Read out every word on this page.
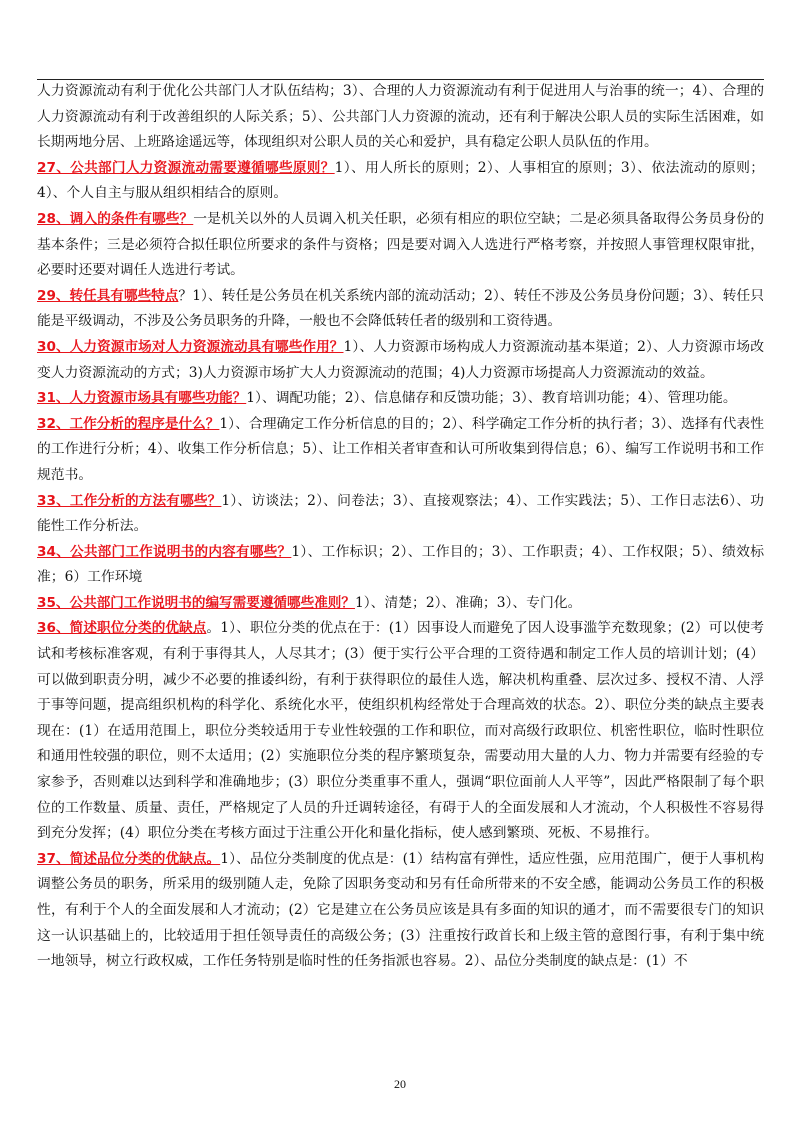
人力资源流动有利于优化公共部门人才队伍结构；3）、合理的人力资源流动有利于促进用人与治事的统一；4）、合理的人力资源流动有利于改善组织的人际关系；5）、公共部门人力资源的流动，还有利于解决公职人员的实际生活困难，如长期两地分居、上班路途遥远等，体现组织对公职人员的关心和爱护，具有稳定公职人员队伍的作用。

27、公共部门人力资源流动需要遵循哪些原则？1）、用人所长的原则；2）、人事相宜的原则；3）、依法流动的原则；4）、个人自主与服从组织相结合的原则。

28、调入的条件有哪些？一是机关以外的人员调入机关任职，必须有相应的职位空缺；二是必须具备取得公务员身份的基本条件；三是必须符合拟任职位所要求的条件与资格；四是要对调入人选进行严格考察，并按照人事管理权限审批，必要时还要对调任人选进行考试。

29、转任具有哪些特点？1）、转任是公务员在机关系统内部的流动活动；2）、转任不涉及公务员身份问题；3）、转任只能是平级调动，不涉及公务员职务的升降，一般也不会降低转任者的级别和工资待遇。

30、人力资源市场对人力资源流动具有哪些作用？1）、人力资源市场构成人力资源流动基本渠道；2）、人力资源市场改变人力资源流动的方式；3)人力资源市场扩大人力资源流动的范围；4)人力资源市场提高人力资源流动的效益。

31、人力资源市场具有哪些功能？1）、调配功能；2）、信息储存和反馈功能；3）、教育培训功能；4）、管理功能。

32、工作分析的程序是什么？1）、合理确定工作分析信息的目的；2）、科学确定工作分析的执行者；3）、选择有代表性的工作进行分析；4）、收集工作分析信息；5）、让工作相关者审查和认可所收集到得信息；6）、编写工作说明书和工作规范书。

33、工作分析的方法有哪些？1）、访谈法；2）、问卷法；3）、直接观察法；4）、工作实践法；5）、工作日志法6）、功能性工作分析法。

34、公共部门工作说明书的内容有哪些？1）、工作标识；2）、工作目的；3）、工作职责；4）、工作权限；5）、绩效标准；6）工作环境

35、公共部门工作说明书的编写需要遵循哪些准则？1）、清楚；2）、准确；3）、专门化。

36、简述职位分类的优缺点。1）、职位分类的优点在于：(1）因事设人而避免了因人设事滥竽充数现象；(2）可以使考试和考核标准客观，有利于事得其人，人尽其才；(3）便于实行公平合理的工资待遇和制定工作人员的培训计划；(4）可以做到职责分明，减少不必要的推诿纠纷，有利于获得职位的最佳人选，解决机构重叠、层次过多、授权不清、人浮于事等问题，提高组织机构的科学化、系统化水平，使组织机构经常处于合理高效的状态。2）、职位分类的缺点主要表现在：(1）在适用范围上，职位分类较适用于专业性较强的工作和职位，而对高级行政职位、机密性职位，临时性职位和通用性较强的职位，则不太适用；(2）实施职位分类的程序繁琐复杂，需要动用大量的人力、物力并需要有经验的专家参予，否则难以达到科学和准确地步；(3）职位分类重事不重人，强调“职位面前人人平等”，因此严格限制了每个职位的工作数量、质量、责任，严格规定了人员的升迁调转途径，有碍于人的全面发展和人才流动，个人积极性不容易得到充分发挥；(4）职位分类在考核方面过于注重公开化和量化指标，使人感到繁琐、死板、不易推行。

37、简述品位分类的优缺点。1）、品位分类制度的优点是：(1）结构富有弹性，适应性强，应用范围广，便于人事机构调整公务员的职务，所采用的级别随人走，免除了因职务变动和另有任命所带来的不安全感，能调动公务员工作的积极性，有利于个人的全面发展和人才流动；(2）它是建立在公务员应该是具有多面的知识的通才，而不需要很专门的知识这一认识基础上的，比较适用于担任领导责任的高级公务；(3）注重按行政首长和上级主管的意图行事，有利于集中统一地领导，树立行政权威，工作任务特别是临时性的任务指派也容易。2）、品位分类制度的缺点是：(1）不

20
